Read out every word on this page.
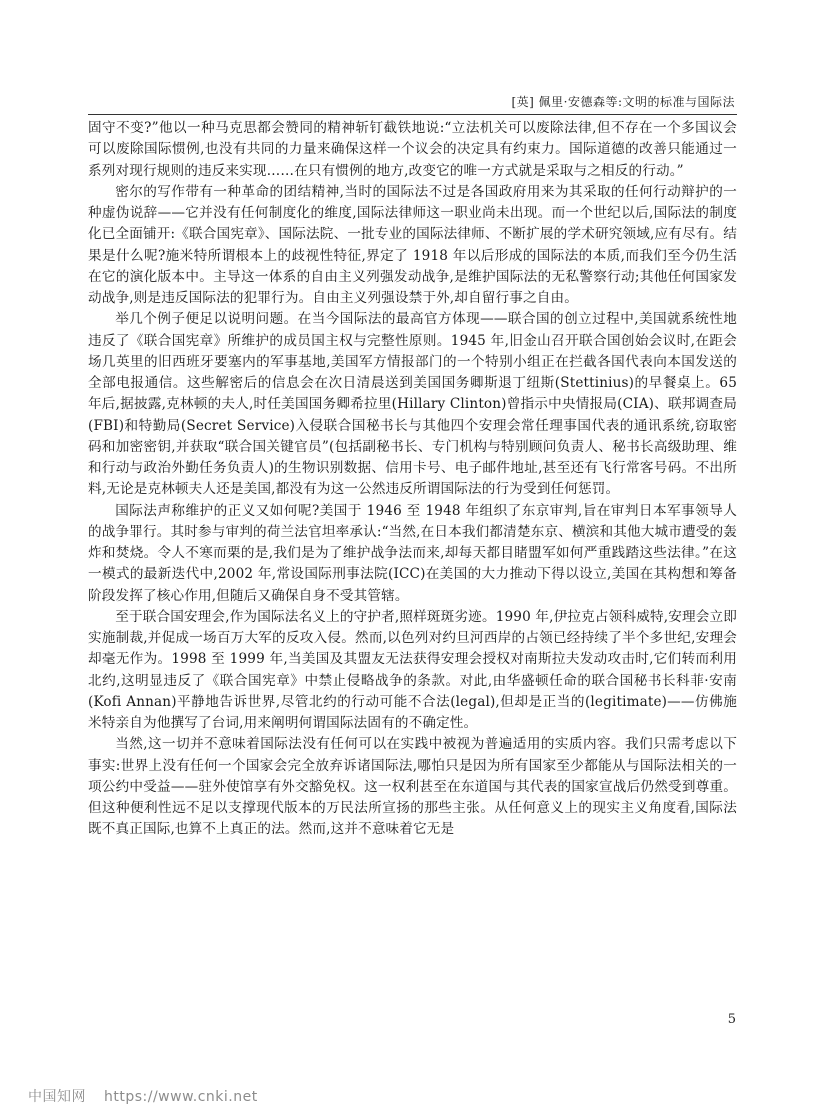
[英] 佩里·安德森等:文明的标准与国际法

固守不变?”他以一种马克思都会赞同的精神斩钉截铁地说:“立法机关可以废除法律,但不存在一个多国议会可以废除国际惯例,也没有共同的力量来确保这样一个议会的决定具有约束力。国际道德的改善只能通过一系列对现行规则的违反来实现……在只有惯例的地方,改变它的唯一方式就是采取与之相反的行动。”

密尔的写作带有一种革命的团结精神,当时的国际法不过是各国政府用来为其采取的任何行动辩护的一种虚伪说辞——它并没有任何制度化的维度,国际法律师这一职业尚未出现。而一个世纪以后,国际法的制度化已全面铺开:《联合国宪章》、国际法院、一批专业的国际法律师、不断扩展的学术研究领域,应有尽有。结果是什么呢?施米特所谓根本上的歧视性特征,界定了 1918 年以后形成的国际法的本质,而我们至今仍生活在它的演化版本中。主导这一体系的自由主义列强发动战争,是维护国际法的无私警察行动;其他任何国家发动战争,则是违反国际法的犯罪行为。自由主义列强设禁于外,却自留行事之自由。

举几个例子便足以说明问题。在当今国际法的最高官方体现——联合国的创立过程中,美国就系统性地违反了《联合国宪章》所维护的成员国主权与完整性原则。1945 年,旧金山召开联合国创始会议时,在距会场几英里的旧西班牙要塞内的军事基地,美国军方情报部门的一个特别小组正在拦截各国代表向本国发送的全部电报通信。这些解密后的信息会在次日清晨送到美国国务卿斯退丁纽斯(Stettinius)的早餐桌上。65 年后,据披露,克林顿的夫人,时任美国国务卿希拉里(Hillary Clinton)曾指示中央情报局(CIA)、联邦调查局(FBI)和特勤局(Secret Service)入侵联合国秘书长与其他四个安理会常任理事国代表的通讯系统,窃取密码和加密密钥,并获取“联合国关键官员”(包括副秘书长、专门机构与特别顾问负责人、秘书长高级助理、维和行动与政治外勤任务负责人)的生物识别数据、信用卡号、电子邮件地址,甚至还有飞行常客号码。不出所料,无论是克林顿夫人还是美国,都没有为这一公然违反所谓国际法的行为受到任何惩罚。

国际法声称维护的正义又如何呢?美国于 1946 至 1948 年组织了东京审判,旨在审判日本军事领导人的战争罪行。其时参与审判的荷兰法官坦率承认:“当然,在日本我们都清楚东京、横滨和其他大城市遭受的轰炸和焚烧。令人不寒而栗的是,我们是为了维护战争法而来,却每天都目睹盟军如何严重践踏这些法律。”在这一模式的最新迭代中,2002 年,常设国际刑事法院(ICC)在美国的大力推动下得以设立,美国在其构想和筹备阶段发挥了核心作用,但随后又确保自身不受其管辖。

至于联合国安理会,作为国际法名义上的守护者,照样斑斑劣迹。1990 年,伊拉克占领科威特,安理会立即实施制裁,并促成一场百万大军的反攻入侵。然而,以色列对约旦河西岸的占领已经持续了半个多世纪,安理会却毫无作为。1998 至 1999 年,当美国及其盟友无法获得安理会授权对南斯拉夫发动攻击时,它们转而利用北约,这明显违反了《联合国宪章》中禁止侵略战争的条款。对此,由华盛顿任命的联合国秘书长科菲·安南(Kofi Annan)平静地告诉世界,尽管北约的行动可能不合法(legal),但却是正当的(legitimate)——仿佛施米特亲自为他撰写了台词,用来阐明何谓国际法固有的不确定性。

当然,这一切并不意味着国际法没有任何可以在实践中被视为普遍适用的实质内容。我们只需考虑以下事实:世界上没有任何一个国家会完全放弃诉诸国际法,哪怕只是因为所有国家至少都能从与国际法相关的一项公约中受益——驻外使馆享有外交豁免权。这一权利甚至在东道国与其代表的国家宣战后仍然受到尊重。但这种便利性远不足以支撑现代版本的万民法所宣扬的那些主张。从任何意义上的现实主义角度看,国际法既不真正国际,也算不上真正的法。然而,这并不意味着它无是

5
中国知网 https://www.cnki.net
